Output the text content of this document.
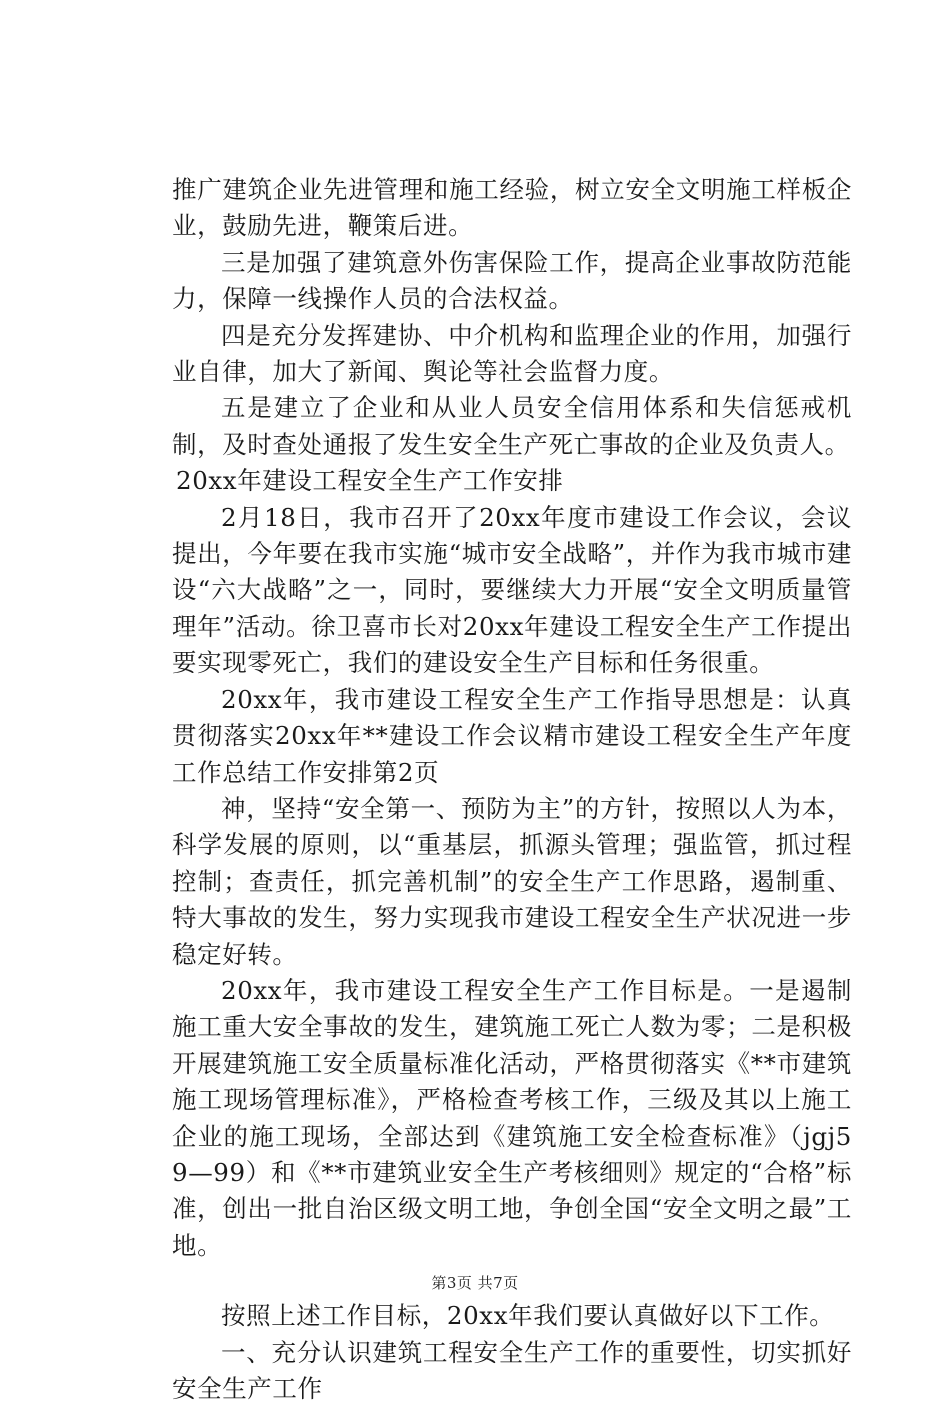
推广建筑企业先进管理和施工经验，树立安全文明施工样板企业，鼓励先进，鞭策后进。

三是加强了建筑意外伤害保险工作，提高企业事故防范能力，保障一线操作人员的合法权益。

四是充分发挥建协、中介机构和监理企业的作用，加强行业自律，加大了新闻、舆论等社会监督力度。

五是建立了企业和从业人员安全信用体系和失信惩戒机制，及时查处通报了发生安全生产死亡事故的企业及负责人。

20xx年建设工程安全生产工作安排

2月18日，我市召开了20xx年度市建设工作会议，会议提出，今年要在我市实施“城市安全战略”，并作为我市城市建设“六大战略”之一，同时，要继续大力开展“安全文明质量管理年”活动。徐卫喜市长对20xx年建设工程安全生产工作提出要实现零死亡，我们的建设安全生产目标和任务很重。

20xx年，我市建设工程安全生产工作指导思想是：认真贯彻落实20xx年**建设工作会议精市建设工程安全生产年度工作总结工作安排第2页

神，坚持“安全第一、预防为主”的方针，按照以人为本，科学发展的原则，以“重基层，抓源头管理；强监管，抓过程控制；查责任，抓完善机制”的安全生产工作思路，遏制重、特大事故的发生，努力实现我市建设工程安全生产状况进一步稳定好转。

20xx年，我市建设工程安全生产工作目标是。一是遏制施工重大安全事故的发生，建筑施工死亡人数为零；二是积极开展建筑施工安全质量标准化活动，严格贯彻落实《**市建筑施工现场管理标准》，严格检查考核工作，三级及其以上施工企业的施工现场，全部达到《建筑施工安全检查标准》（jgj59—99）和《**市建筑业安全生产考核细则》规定的“合格”标准，创出一批自治区级文明工地，争创全国“安全文明之最”工地。

按照上述工作目标，20xx年我们要认真做好以下工作。

一、充分认识建筑工程安全生产工作的重要性，切实抓好安全生产工作

第3页 共7页
